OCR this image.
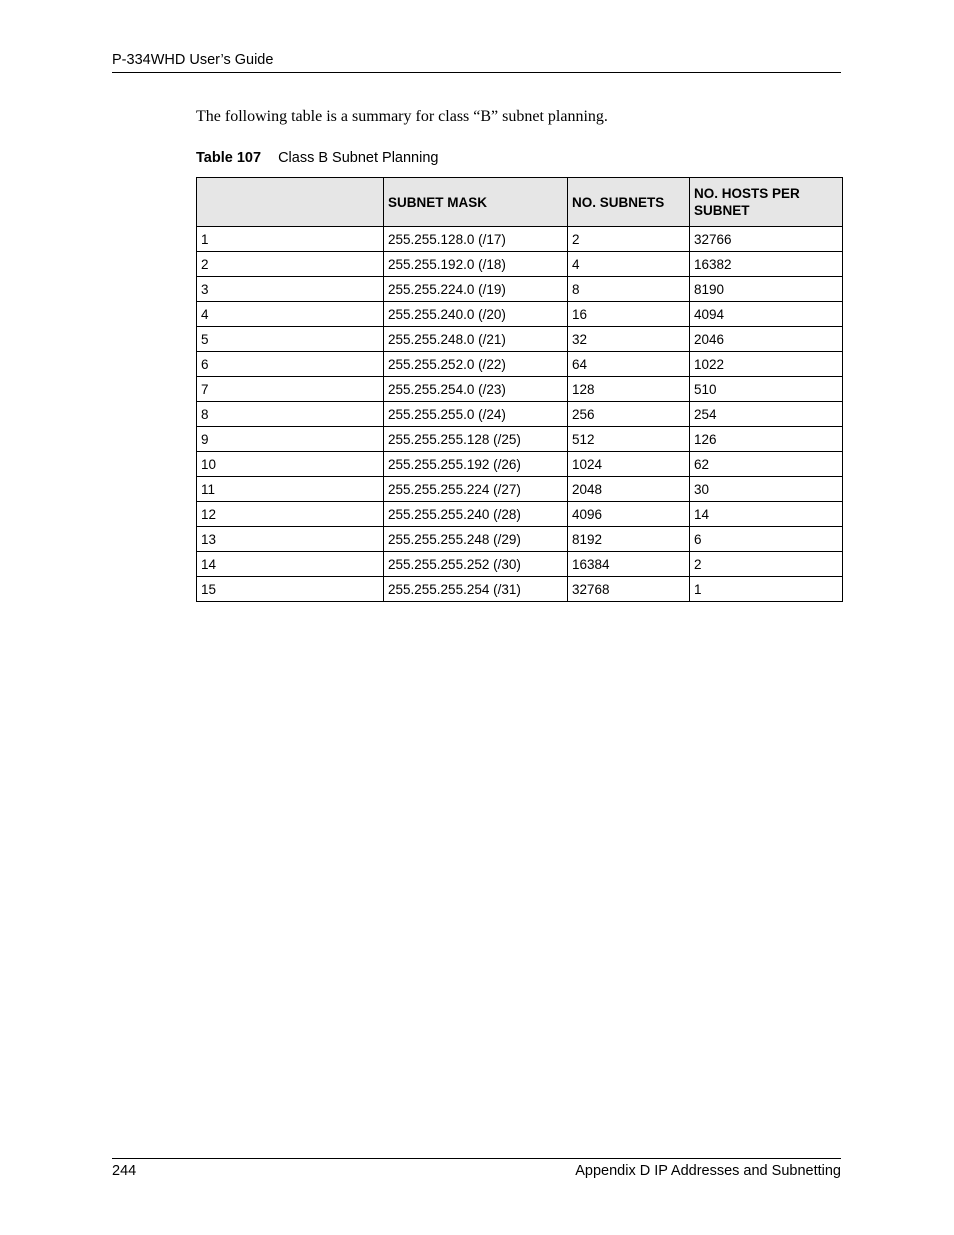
P-334WHD User’s Guide
The following table is a summary for class “B” subnet planning.
Table 107 Class B Subnet Planning
	SUBNET MASK	NO. SUBNETS	NO. HOSTS PER SUBNET
1	255.255.128.0 (/17)	2	32766
2	255.255.192.0 (/18)	4	16382
3	255.255.224.0 (/19)	8	8190
4	255.255.240.0 (/20)	16	4094
5	255.255.248.0 (/21)	32	2046
6	255.255.252.0 (/22)	64	1022
7	255.255.254.0 (/23)	128	510
8	255.255.255.0 (/24)	256	254
9	255.255.255.128 (/25)	512	126
10	255.255.255.192 (/26)	1024	62
11	255.255.255.224 (/27)	2048	30
12	255.255.255.240 (/28)	4096	14
13	255.255.255.248 (/29)	8192	6
14	255.255.255.252 (/30)	16384	2
15	255.255.255.254 (/31)	32768	1
244	Appendix D IP Addresses and Subnetting
